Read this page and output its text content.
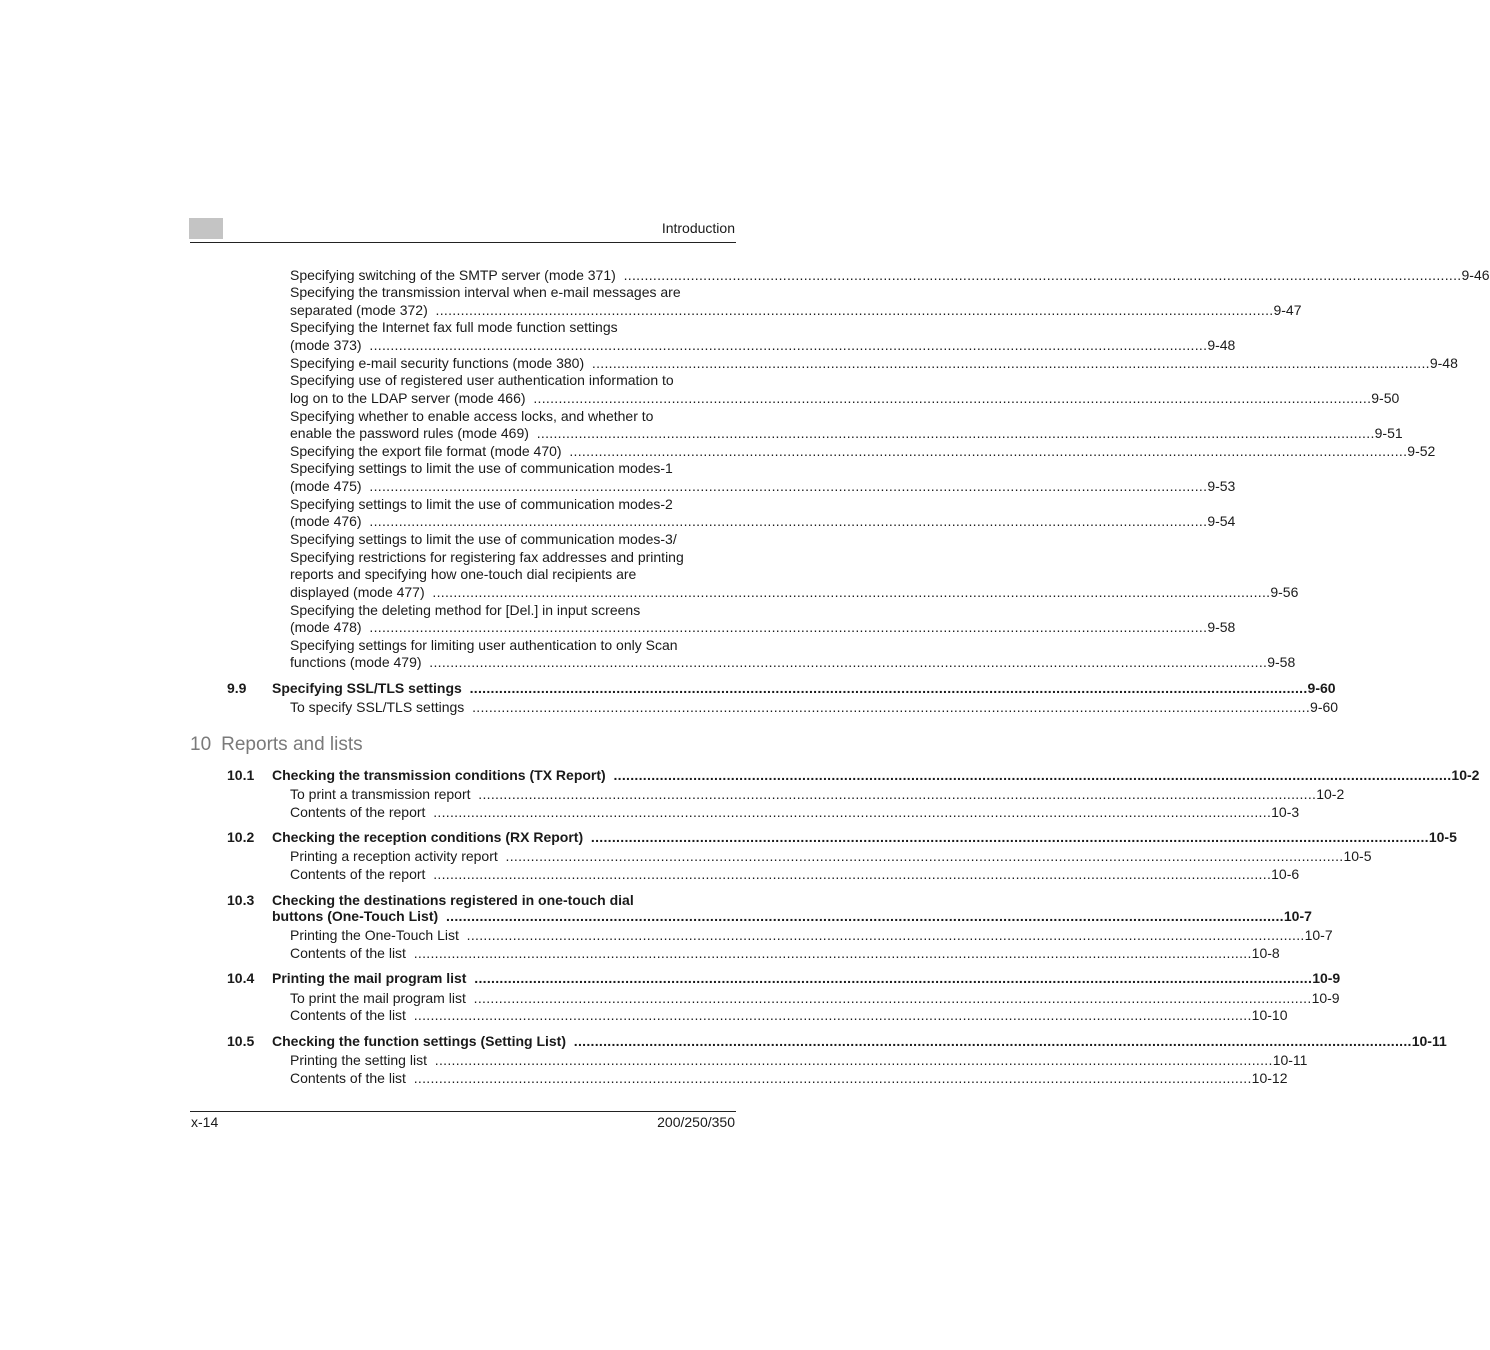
Introduction
Specifying switching of the SMTP server (mode 371) ........................................................................................................................................................................................................ 9-46
Specifying the transmission interval when e-mail messages are
separated (mode 372) ........................................................................................................................................................................................................ 9-47
Specifying the Internet fax full mode function settings
(mode 373) ........................................................................................................................................................................................................ 9-48
Specifying e-mail security functions (mode 380) ........................................................................................................................................................................................................ 9-48
Specifying use of registered user authentication information to
log on to the LDAP server (mode 466) ........................................................................................................................................................................................................ 9-50
Specifying whether to enable access locks, and whether to
enable the password rules (mode 469) ........................................................................................................................................................................................................ 9-51
Specifying the export file format (mode 470) ........................................................................................................................................................................................................ 9-52
Specifying settings to limit the use of communication modes-1
(mode 475) ........................................................................................................................................................................................................ 9-53
Specifying settings to limit the use of communication modes-2
(mode 476) ........................................................................................................................................................................................................ 9-54
Specifying settings to limit the use of communication modes-3/
Specifying restrictions for registering fax addresses and printing
reports and specifying how one-touch dial recipients are
displayed (mode 477) ........................................................................................................................................................................................................ 9-56
Specifying the deleting method for [Del.] in input screens
(mode 478) ........................................................................................................................................................................................................ 9-58
Specifying settings for limiting user authentication to only Scan
functions (mode 479) ........................................................................................................................................................................................................ 9-58
9.9 Specifying SSL/TLS settings ........................................................................................................................................................................................................ 9-60
To specify SSL/TLS settings ........................................................................................................................................................................................................ 9-60
10 Reports and lists
10.1 Checking the transmission conditions (TX Report) ........................................................................................................................................................................................................ 10-2
To print a transmission report ........................................................................................................................................................................................................ 10-2
Contents of the report ........................................................................................................................................................................................................ 10-3
10.2 Checking the reception conditions (RX Report) ........................................................................................................................................................................................................ 10-5
Printing a reception activity report ........................................................................................................................................................................................................ 10-5
Contents of the report ........................................................................................................................................................................................................ 10-6
10.3 Checking the destinations registered in one-touch dial
buttons (One-Touch List) ........................................................................................................................................................................................................ 10-7
Printing the One-Touch List ........................................................................................................................................................................................................ 10-7
Contents of the list ........................................................................................................................................................................................................ 10-8
10.4 Printing the mail program list ........................................................................................................................................................................................................ 10-9
To print the mail program list ........................................................................................................................................................................................................ 10-9
Contents of the list ........................................................................................................................................................................................................ 10-10
10.5 Checking the function settings (Setting List) ........................................................................................................................................................................................................ 10-11
Printing the setting list ........................................................................................................................................................................................................ 10-11
Contents of the list ........................................................................................................................................................................................................ 10-12
x-14	200/250/350
